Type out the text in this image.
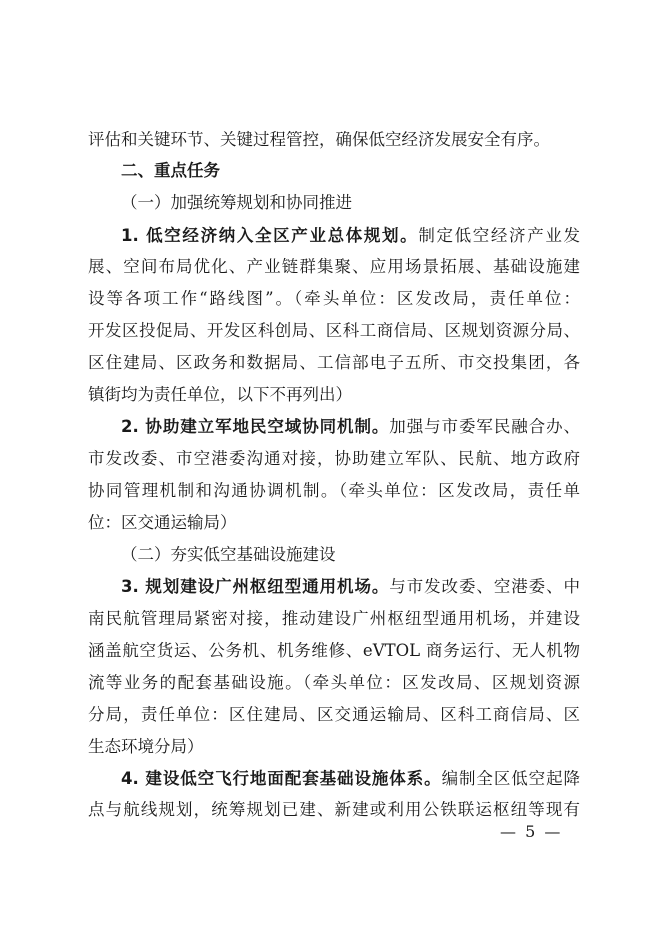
评估和关键环节、关键过程管控，确保低空经济发展安全有序。

二、重点任务

（一）加强统筹规划和协同推进

1. 低空经济纳入全区产业总体规划。制定低空经济产业发

展、空间布局优化、产业链群集聚、应用场景拓展、基础设施建

设等各项工作“路线图”。（牵头单位：区发改局，责任单位：

开发区投促局、开发区科创局、区科工商信局、区规划资源分局、

区住建局、区政务和数据局、工信部电子五所、市交投集团，各

镇街均为责任单位，以下不再列出）

2. 协助建立军地民空域协同机制。加强与市委军民融合办、

市发改委、市空港委沟通对接，协助建立军队、民航、地方政府

协同管理机制和沟通协调机制。（牵头单位：区发改局，责任单

位：区交通运输局）

（二）夯实低空基础设施建设

3. 规划建设广州枢纽型通用机场。与市发改委、空港委、中

南民航管理局紧密对接，推动建设广州枢纽型通用机场，并建设

涵盖航空货运、公务机、机务维修、eVTOL 商务运行、无人机物

流等业务的配套基础设施。（牵头单位：区发改局、区规划资源

分局，责任单位：区住建局、区交通运输局、区科工商信局、区

生态环境分局）

4. 建设低空飞行地面配套基础设施体系。编制全区低空起降

点与航线规划，统筹规划已建、新建或利用公铁联运枢纽等现有

— 5 —
